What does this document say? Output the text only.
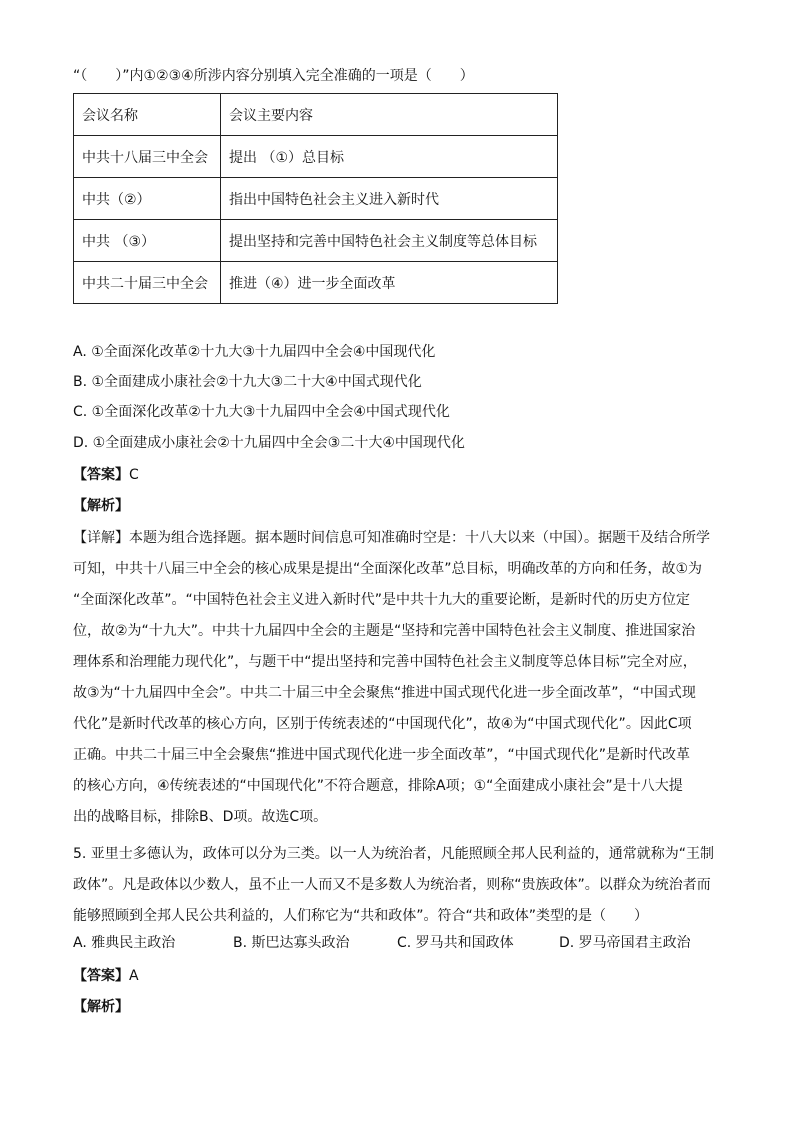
“（　　）”内①②③④所涉内容分别填入完全准确的一项是（　　）
会议名称	会议主要内容
中共十八届三中全会	提出 （①）总目标
中共（②）	指出中国特色社会主义进入新时代
中共 （③）	提出坚持和完善中国特色社会主义制度等总体目标
中共二十届三中全会	推进（④）进一步全面改革
A. ①全面深化改革②十九大③十九届四中全会④中国现代化
B. ①全面建成小康社会②十九大③二十大④中国式现代化
C. ①全面深化改革②十九大③十九届四中全会④中国式现代化
D. ①全面建成小康社会②十九届四中全会③二十大④中国现代化
【答案】C
【解析】
【详解】本题为组合选择题。据本题时间信息可知准确时空是：十八大以来（中国）。据题干及结合所学
可知，中共十八届三中全会的核心成果是提出“全面深化改革”总目标，明确改革的方向和任务，故①为
“全面深化改革”。“中国特色社会主义进入新时代”是中共十九大的重要论断，是新时代的历史方位定
位，故②为“十九大”。中共十九届四中全会的主题是“坚持和完善中国特色社会主义制度、推进国家治
理体系和治理能力现代化”，与题干中“提出坚持和完善中国特色社会主义制度等总体目标”完全对应，
故③为“十九届四中全会”。中共二十届三中全会聚焦“推进中国式现代化进一步全面改革”，“中国式现
代化”是新时代改革的核心方向，区别于传统表述的“中国现代化”，故④为“中国式现代化”。因此C项
正确。中共二十届三中全会聚焦“推进中国式现代化进一步全面改革”，“中国式现代化”是新时代改革
的核心方向，④传统表述的“中国现代化”不符合题意，排除A项；①“全面建成小康社会”是十八大提
出的战略目标，排除B、D项。故选C项。
5. 亚里士多德认为，政体可以分为三类。以一人为统治者，凡能照顾全邦人民利益的，通常就称为“王制
政体”。凡是政体以少数人，虽不止一人而又不是多数人为统治者，则称“贵族政体”。以群众为统治者而
能够照顾到全邦人民公共利益的，人们称它为“共和政体”。符合“共和政体”类型的是（　　）
A. 雅典民主政治	B. 斯巴达寡头政治	C. 罗马共和国政体	D. 罗马帝国君主政治
【答案】A
【解析】
